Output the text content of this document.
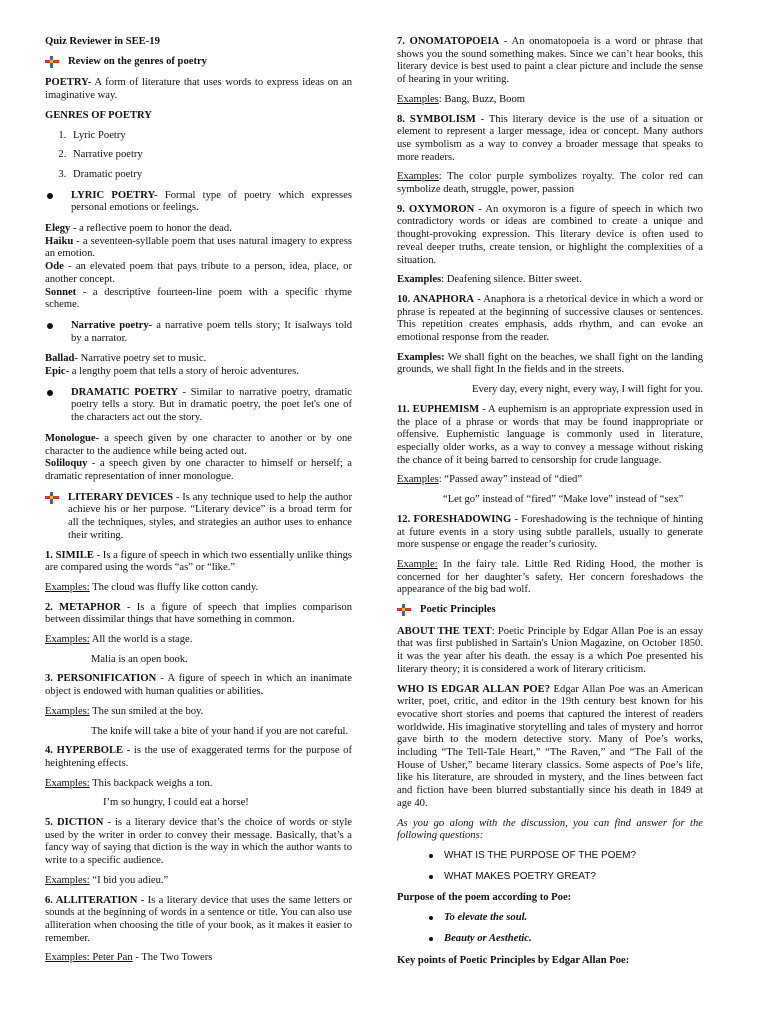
Quiz Reviewer in SEE-19

Review on the genres of poetry

POETRY- A form of literature that uses words to express ideas on an imaginative way.

GENRES OF POETRY

1. Lyric Poetry
2. Narrative poetry
3. Dramatic poetry
LYRIC POETRY- Formal type of poetry which expresses personal emotions or feelings.

Elegy - a reflective poem to honor the dead.

Haiku - a seventeen-syllable poem that uses natural imagery to express an emotion.

Ode - an elevated poem that pays tribute to a person, idea, place, or another concept.

Sonnet - a descriptive fourteen-line poem with a specific rhyme scheme.

Narrative poetry- a narrative poem tells story; It isalways told by a narrator.

Ballad- Narrative poetry set to music.

Epic- a lengthy poem that tells a story of heroic adventures.

DRAMATIC POETRY - Similar to narrative poetry, dramatic poetry tells a story. But in dramatic poetry, the poet let's one of the characters act out the story.

Monologue- a speech given by one character to another or by one character to the audience while being acted out.

Soliloquy - a speech given by one character to himself or herself; a dramatic representation of inner monologue.

LITERARY DEVICES - Is any technique used to help the author achieve his or her purpose. “Literary device” is a broad term for all the techniques, styles, and strategies an author uses to enhance their writing.

1. SIMILE - Is a figure of speech in which two essentially unlike things are compared using the words “as” or “like.”

Examples: The cloud was fluffy like cotton candy.

2. METAPHOR - Is a figure of speech that implies comparison between dissimilar things that have something in common.

Examples: All the world is a stage.

Malia is an open book.

3. PERSONIFICATION - A figure of speech in which an inanimate object is endowed with human qualities or abilities.

Examples: The sun smiled at the boy.

The knife will take a bite of your hand if you are not careful.

4. HYPERBOLE - is the use of exaggerated terms for the purpose of heightening effects.

Examples: This backpack weighs a ton.

I’m so hungry, I could eat a horse!

5. DICTION - is a literary device that’s the choice of words or style used by the writer in order to convey their message. Basically, that’s a fancy way of saying that diction is the way in which the author wants to write to a specific audience.

Examples: “I bid you adieu.”

6. ALLITERATION - Is a literary device that uses the same letters or sounds at the beginning of words in a sentence or title. You can also use alliteration when choosing the title of your book, as it makes it easier to remember.

Examples: Peter Pan - The Two Towers

7. ONOMATOPOEIA - An onomatopoeia is a word or phrase that shows you the sound something makes. Since we can’t hear books, this literary device is best used to paint a clear picture and include the sense of hearing in your writing.

Examples: Bang, Buzz, Boom

8. SYMBOLISM - This literary device is the use of a situation or element to represent a larger message, idea or concept. Many authors use symbolism as a way to convey a broader message that speaks to more readers.

Examples: The color purple symbolizes royalty. The color red can symbolize death, struggle, power, passion

9. OXYMORON - An oxymoron is a figure of speech in which two contradictory words or ideas are combined to create a unique and thought-provoking expression. This literary device is often used to reveal deeper truths, create tension, or highlight the complexities of a situation.

Examples: Deafening silence. Bitter sweet.

10. ANAPHORA - Anaphora is a rhetorical device in which a word or phrase is repeated at the beginning of successive clauses or sentences. This repetition creates emphasis, adds rhythm, and can evoke an emotional response from the reader.

Examples: We shall fight on the beaches, we shall fight on the landing grounds, we shall fight In the fields and in the streets.

Every day, every night, every way, I will fight for you.

11. EUPHEMISM - A euphemism is an appropriate expression used in the place of a phrase or words that may be found inappropriate or offensive. Euphemistic language is commonly used in literature, especially older works, as a way to convey a message without risking the chance of it being barred to censorship for crude language.

Examples: “Passed away” instead of “died”

“Let go” instead of “fired” “Make love” instead of “sex”

12. FORESHADOWING - Foreshadowing is the technique of hinting at future events in a story using subtle parallels, usually to generate more suspense or engage the reader’s curiosity.

Example: In the fairy tale. Little Red Riding Hood, the mother is concerned for her daughter’s safety. Her concern foreshadows the appearance of the big bad wolf.

Poetic Principles

ABOUT THE TEXT: Poetic Principle by Edgar Allan Poe is an essay that was first published in Sartain's Union Magazine, on October 1850. it was the year after his death. the essay is a which Poe presented his literary theory; it is considered a work of literary criticism.

WHO IS EDGAR ALLAN POE? Edgar Allan Poe was an American writer, poet, critic, and editor in the 19th century best known for his evocative short stories and poems that captured the interest of readers worldwide. His imaginative storytelling and tales of mystery and horror gave birth to the modern detective story. Many of Poe’s works, including “The Tell-Tale Heart,” “The Raven,” and “The Fall of the House of Usher,” became literary classics. Some aspects of Poe’s life, like his literature, are shrouded in mystery, and the lines between fact and fiction have been blurred substantially since his death in 1849 at age 40.

As you go along with the discussion, you can find answer for the following questions:

WHAT IS THE PURPOSE OF THE POEM?
WHAT MAKES POETRY GREAT?

Purpose of the poem according to Poe:

To elevate the soul.
Beauty or Aesthetic.

Key points of Poetic Principles by Edgar Allan Poe:
